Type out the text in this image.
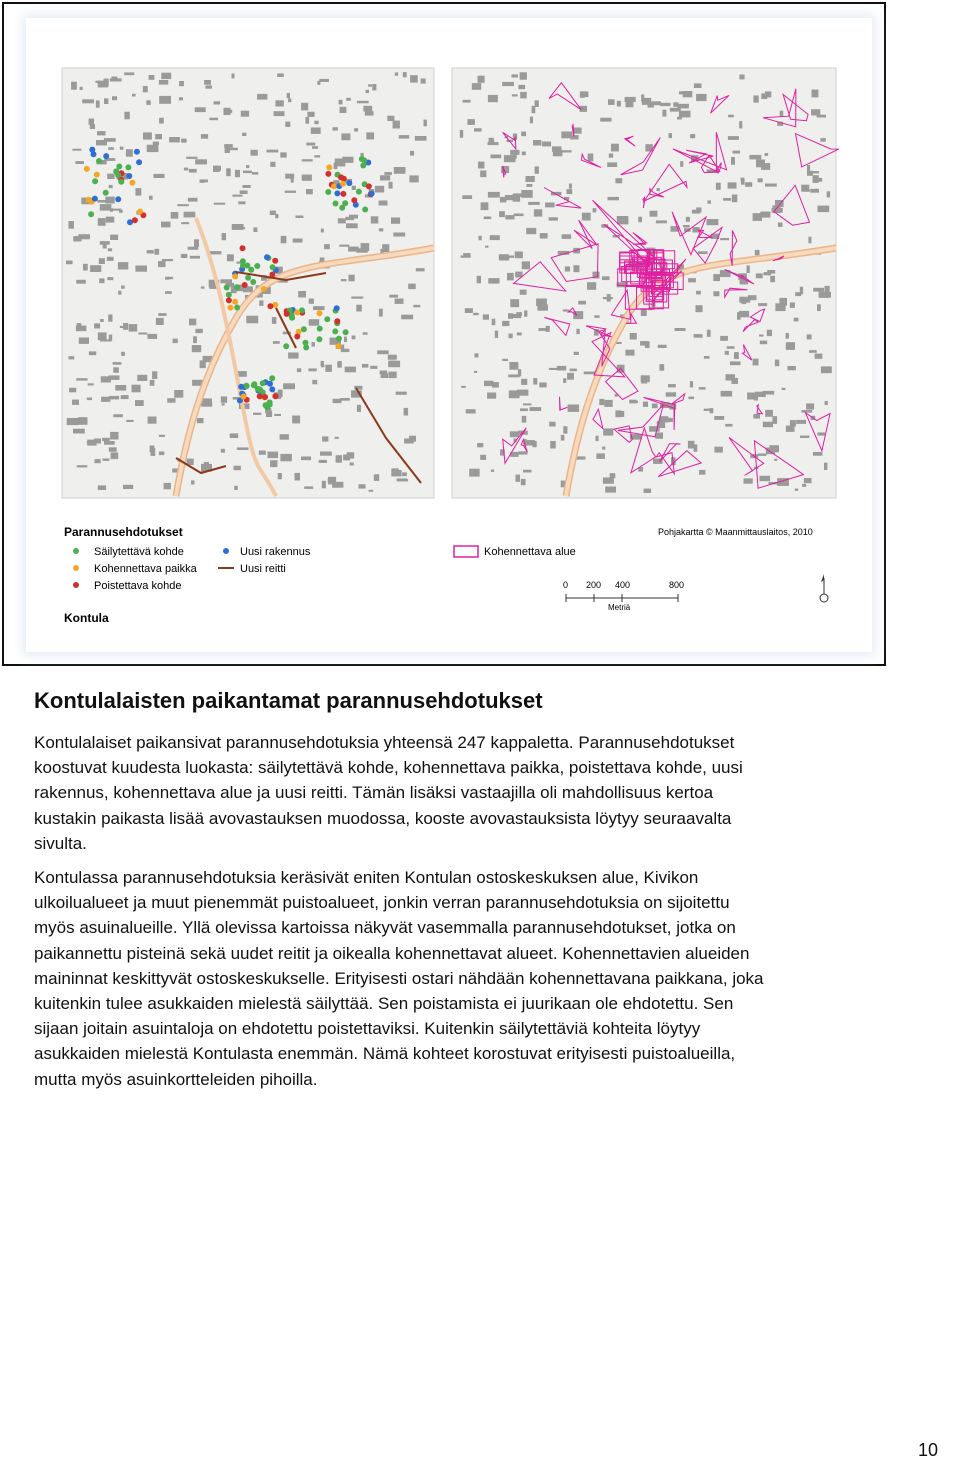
Parannusehdotukset
Säilytettävä kohde
Kohennettava paikka
Poistettava kohde
Uusi rakennus
Uusi reitti
Kontula
Kohennettava alue
Pohjakartta © Maanmittauslaitos, 2010
0 200 400	800
Metriä
Kontulalaisten paikantamat parannusehdotukset
Kontulalaiset paikansivat parannusehdotuksia yhteensä 247 kappaletta. Parannusehdotukset
koostuvat kuudesta luokasta: säilytettävä kohde, kohennettava paikka, poistettava kohde, uusi
rakennus, kohennettava alue ja uusi reitti. Tämän lisäksi vastaajilla oli mahdollisuus kertoa
kustakin paikasta lisää avovastauksen muodossa, kooste avovastauksista löytyy seuraavalta
sivulta.
Kontulassa parannusehdotuksia keräsivät eniten Kontulan ostoskeskuksen alue, Kivikon
ulkoilualueet ja muut pienemmät puistoalueet, jonkin verran parannusehdotuksia on sijoitettu
myös asuinalueille. Yllä olevissa kartoissa näkyvät vasemmalla parannusehdotukset, jotka on
paikannettu pisteinä sekä uudet reitit ja oikealla kohennettavat alueet. Kohennettavien alueiden
maininnat keskittyvät ostoskeskukselle. Erityisesti ostari nähdään kohennettavana paikkana, joka
kuitenkin tulee asukkaiden mielestä säilyttää. Sen poistamista ei juurikaan ole ehdotettu. Sen
sijaan joitain asuintaloja on ehdotettu poistettaviksi. Kuitenkin säilytettäviä kohteita löytyy
asukkaiden mielestä Kontulasta enemmän. Nämä kohteet korostuvat erityisesti puistoalueilla,
mutta myös asuinkortteleiden pihoilla.
10
